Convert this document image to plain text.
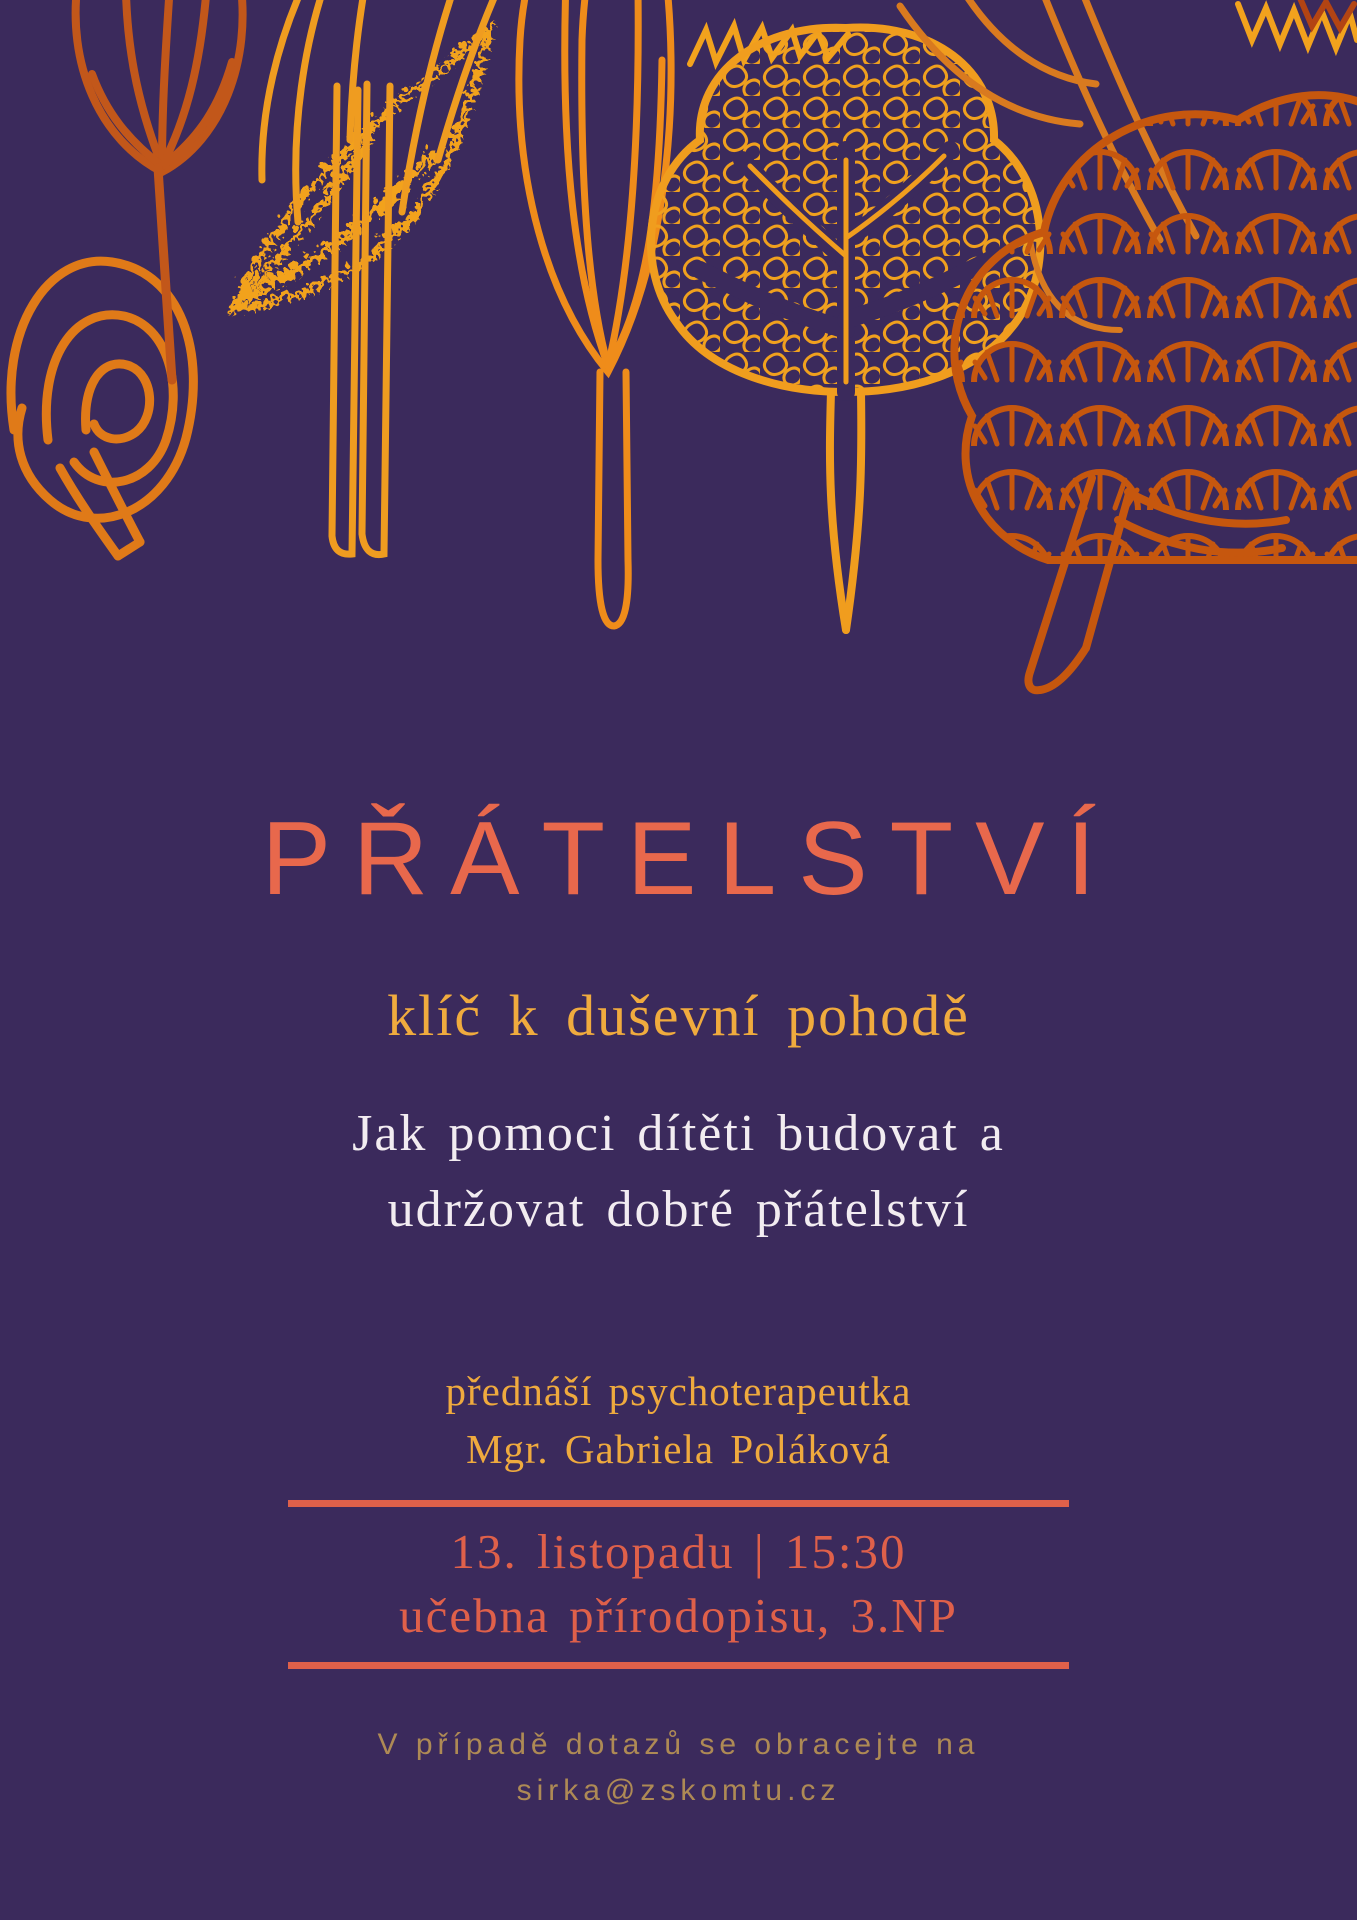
PŘÁTELSTVÍ
klíč k duševní pohodě
Jak pomoci dítěti budovat a
udržovat dobré přátelství
přednáší psychoterapeutka
Mgr. Gabriela Poláková
13. listopadu | 15:30
učebna přírodopisu, 3.NP
V případě dotazů se obracejte na
sirka@zskomtu.cz
